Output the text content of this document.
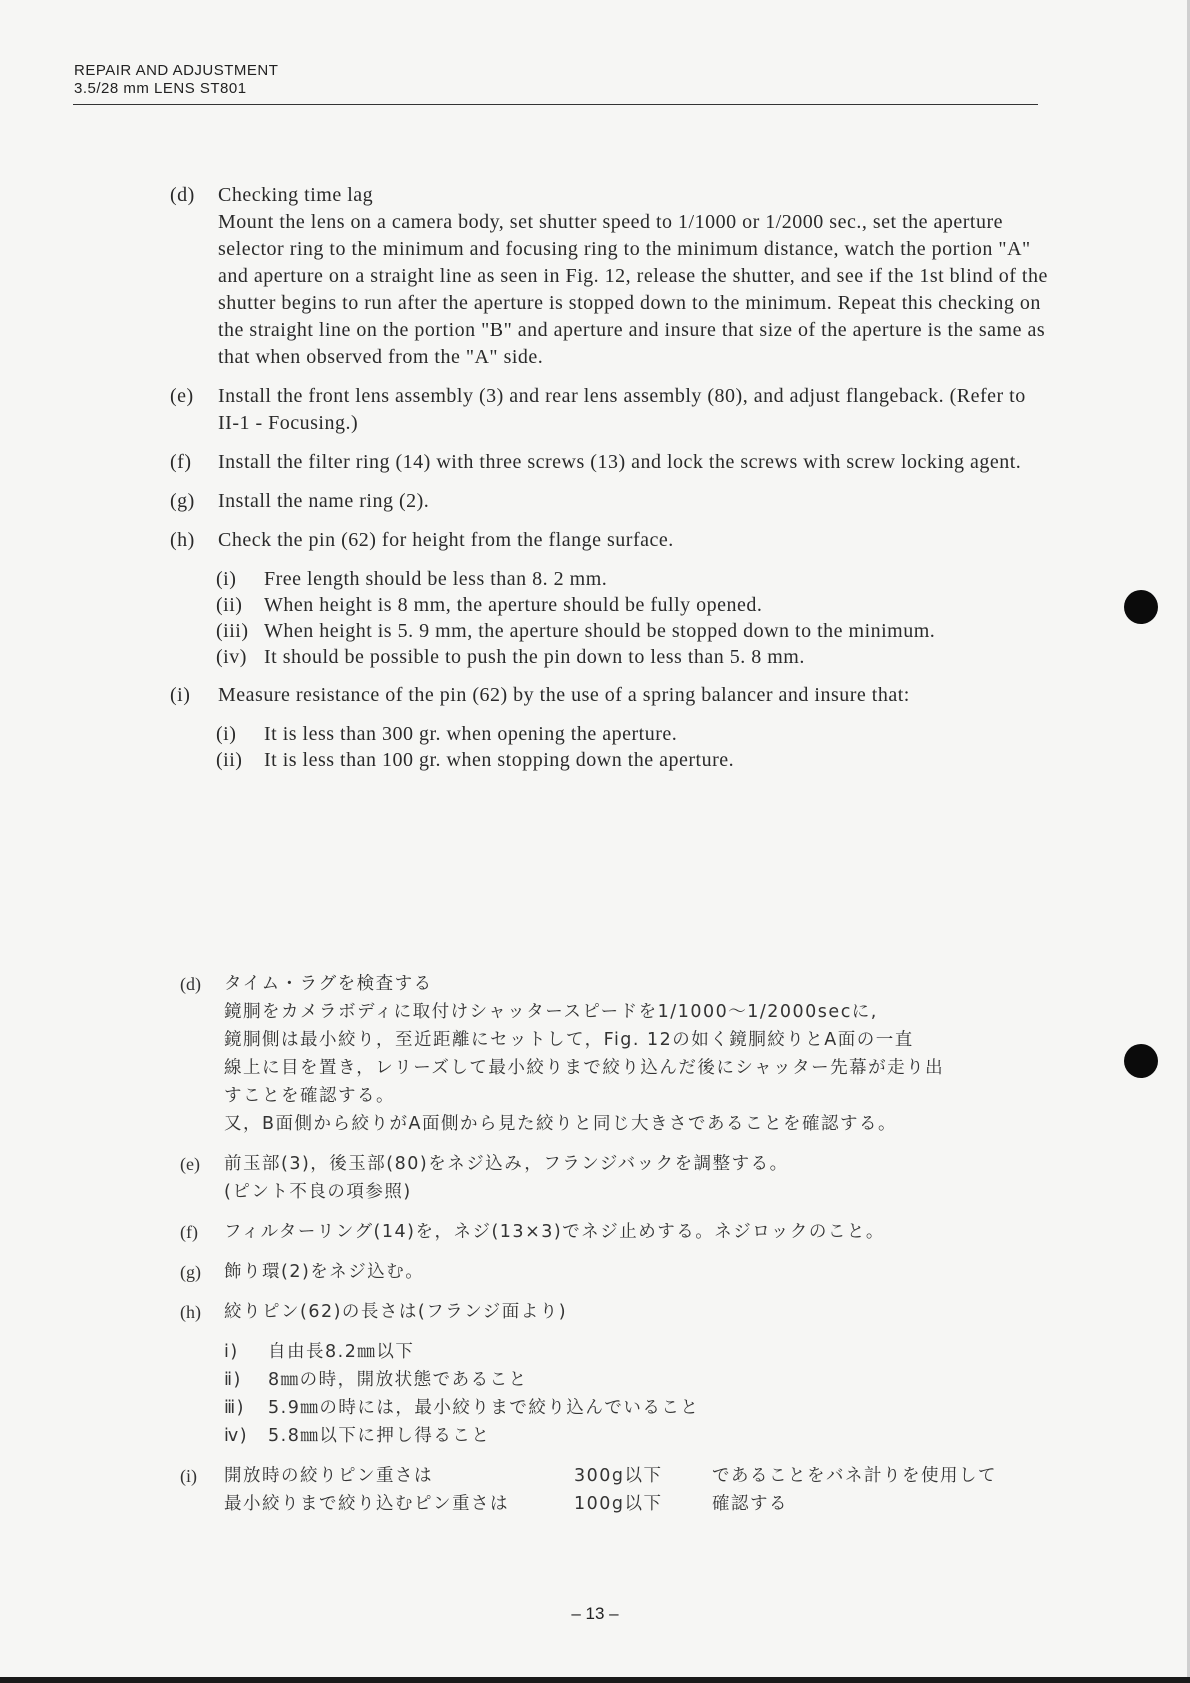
REPAIR AND ADJUSTMENT
3.5/28 mm LENS ST801
(d) Checking time lag
Mount the lens on a camera body, set shutter speed to 1/1000 or 1/2000 sec., set the aperture selector ring to the minimum and focusing ring to the minimum distance, watch the portion "A" and aperture on a straight line as seen in Fig. 12, release the shutter, and see if the 1st blind of the shutter begins to run after the aperture is stopped down to the minimum. Repeat this checking on the straight line on the portion "B" and aperture and insure that size of the aperture is the same as that when observed from the "A" side.
(e) Install the front lens assembly (3) and rear lens assembly (80), and adjust flangeback. (Refer to II-1 - Focusing.)
(f) Install the filter ring (14) with three screws (13) and lock the screws with screw locking agent.
(g) Install the name ring (2).
(h) Check the pin (62) for height from the flange surface.
(i) Free length should be less than 8. 2 mm.
(ii) When height is 8 mm, the aperture should be fully opened.
(iii) When height is 5. 9 mm, the aperture should be stopped down to the minimum.
(iv) It should be possible to push the pin down to less than 5. 8 mm.
(i) Measure resistance of the pin (62) by the use of a spring balancer and insure that:
(i) It is less than 300 gr. when opening the aperture.
(ii) It is less than 100 gr. when stopping down the aperture.
(d) タイム・ラグを検査する
鏡胴をカメラボディに取付けシャッタースピードを1/1000〜1/2000secに,
鏡胴側は最小絞り，至近距離にセットして，Fig. 12の如く鏡胴絞りとA面の一直
線上に目を置き，レリーズして最小絞りまで絞り込んだ後にシャッター先幕が走り出
すことを確認する。
又，B面側から絞りがA面側から見た絞りと同じ大きさであることを確認する。
(e) 前玉部(3)，後玉部(80)をネジ込み，フランジバックを調整する。
(ピント不良の項参照)
(f) フィルターリング(14)を，ネジ(13×3)でネジ止めする。ネジロックのこと。
(g) 飾り環(2)をネジ込む。
(h) 絞りピン(62)の長さは(フランジ面より)
ⅰ) 自由長8.2㎜以下
ⅱ) 8㎜の時，開放状態であること
ⅲ) 5.9㎜の時には，最小絞りまで絞り込んでいること
ⅳ) 5.8㎜以下に押し得ること
(i) 開放時の絞りピン重さは	300g以下	であることをバネ計りを使用して
最小絞りまで絞り込むピン重さは	100g以下	確認する
– 13 –
